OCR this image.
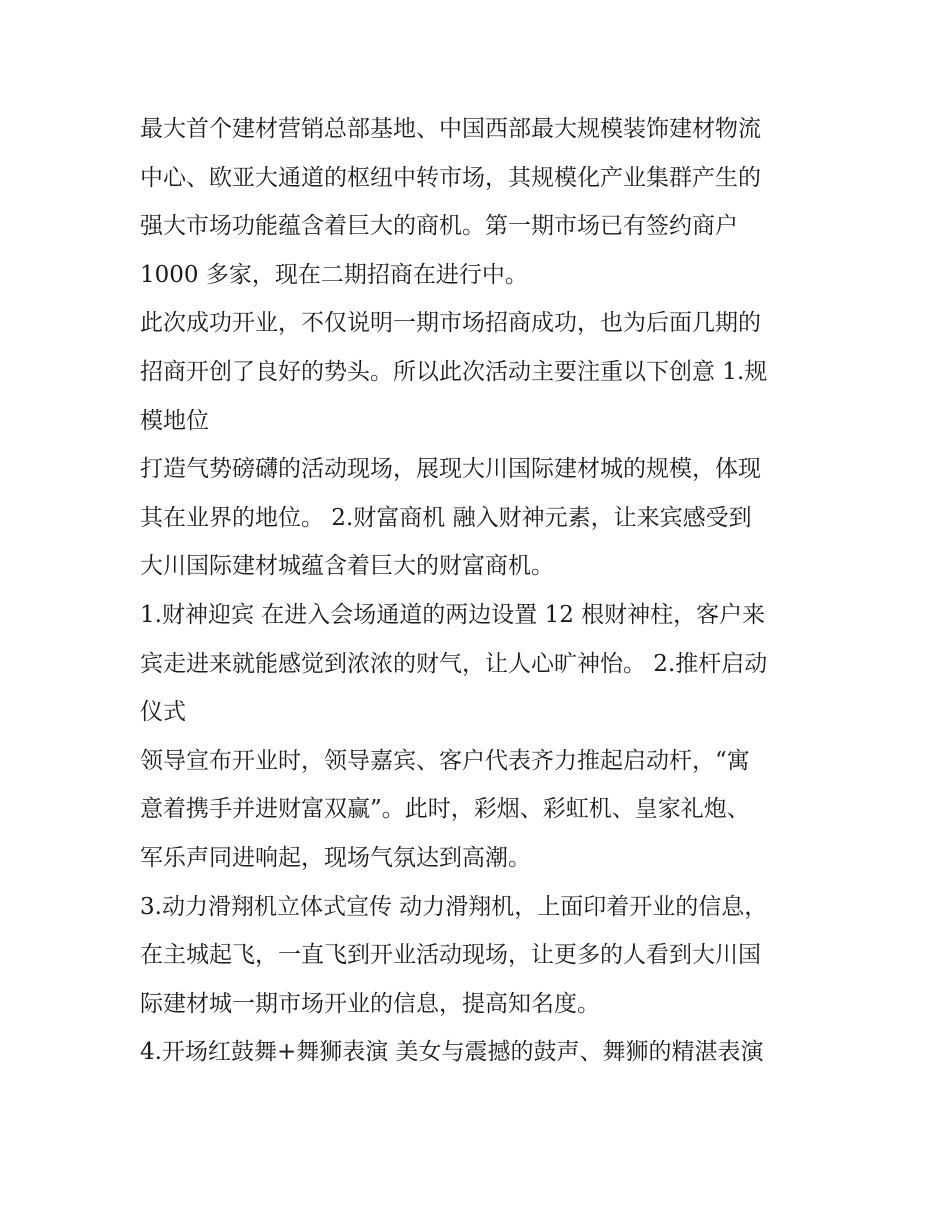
最大首个建材营销总部基地、中国西部最大规模装饰建材物流
中心、欧亚大通道的枢纽中转市场，其规模化产业集群产生的
强大市场功能蕴含着巨大的商机。第一期市场已有签约商户
1000 多家，现在二期招商在进行中。
此次成功开业，不仅说明一期市场招商成功，也为后面几期的
招商开创了良好的势头。所以此次活动主要注重以下创意 1.规
模地位
打造气势磅礴的活动现场，展现大川国际建材城的规模，体现
其在业界的地位。 2.财富商机 融入财神元素，让来宾感受到
大川国际建材城蕴含着巨大的财富商机。
1.财神迎宾 在进入会场通道的两边设置 12 根财神柱，客户来
宾走进来就能感觉到浓浓的财气，让人心旷神怡。 2.推杆启动
仪式
领导宣布开业时，领导嘉宾、客户代表齐力推起启动杆，“寓
意着携手并进财富双赢”。此时，彩烟、彩虹机、皇家礼炮、
军乐声同进响起，现场气氛达到高潮。
3.动力滑翔机立体式宣传 动力滑翔机，上面印着开业的信息，
在主城起飞，一直飞到开业活动现场，让更多的人看到大川国
际建材城一期市场开业的信息，提高知名度。
4.开场红鼓舞+舞狮表演 美女与震撼的鼓声、舞狮的精湛表演
